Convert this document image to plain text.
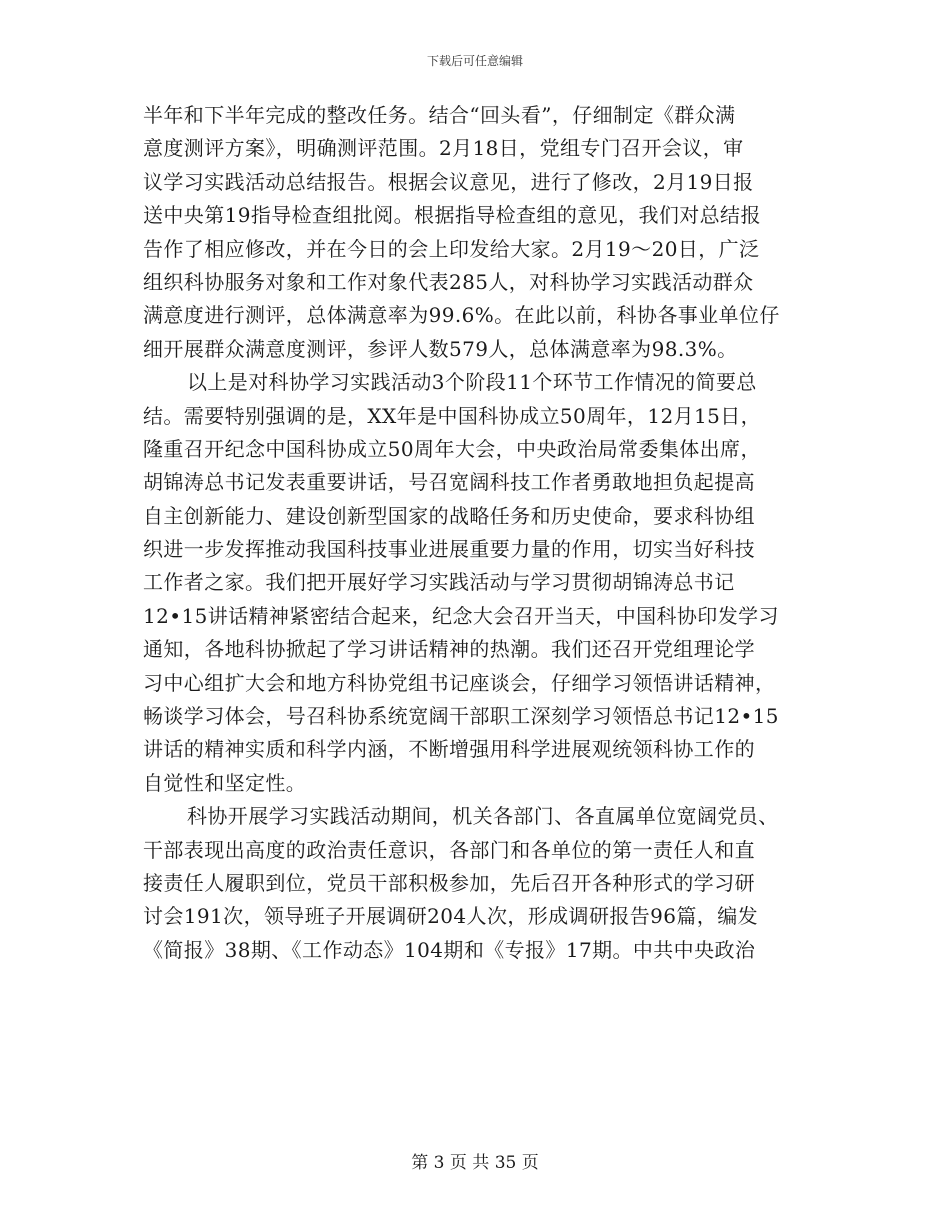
下载后可任意编辑
半年和下半年完成的整改任务。结合“回头看”，仔细制定《群众满
意度测评方案》，明确测评范围。2月18日，党组专门召开会议，审
议学习实践活动总结报告。根据会议意见，进行了修改，2月19日报
送中央第19指导检查组批阅。根据指导检查组的意见，我们对总结报
告作了相应修改，并在今日的会上印发给大家。2月19～20日，广泛
组织科协服务对象和工作对象代表285人，对科协学习实践活动群众
满意度进行测评，总体满意率为99.6%。在此以前，科协各事业单位仔
细开展群众满意度测评，参评人数579人，总体满意率为98.3%。
以上是对科协学习实践活动3个阶段11个环节工作情况的简要总
结。需要特别强调的是，XX年是中国科协成立50周年，12月15日，
隆重召开纪念中国科协成立50周年大会，中央政治局常委集体出席，
胡锦涛总书记发表重要讲话，号召宽阔科技工作者勇敢地担负起提高
自主创新能力、建设创新型国家的战略任务和历史使命，要求科协组
织进一步发挥推动我国科技事业进展重要力量的作用，切实当好科技
工作者之家。我们把开展好学习实践活动与学习贯彻胡锦涛总书记
12•15讲话精神紧密结合起来，纪念大会召开当天，中国科协印发学习
通知，各地科协掀起了学习讲话精神的热潮。我们还召开党组理论学
习中心组扩大会和地方科协党组书记座谈会，仔细学习领悟讲话精神，
畅谈学习体会，号召科协系统宽阔干部职工深刻学习领悟总书记12•15
讲话的精神实质和科学内涵，不断增强用科学进展观统领科协工作的
自觉性和坚定性。
科协开展学习实践活动期间，机关各部门、各直属单位宽阔党员、
干部表现出高度的政治责任意识，各部门和各单位的第一责任人和直
接责任人履职到位，党员干部积极参加，先后召开各种形式的学习研
讨会191次，领导班子开展调研204人次，形成调研报告96篇，编发
《简报》38期、《工作动态》104期和《专报》17期。中共中央政治
第 3 页 共 35 页
